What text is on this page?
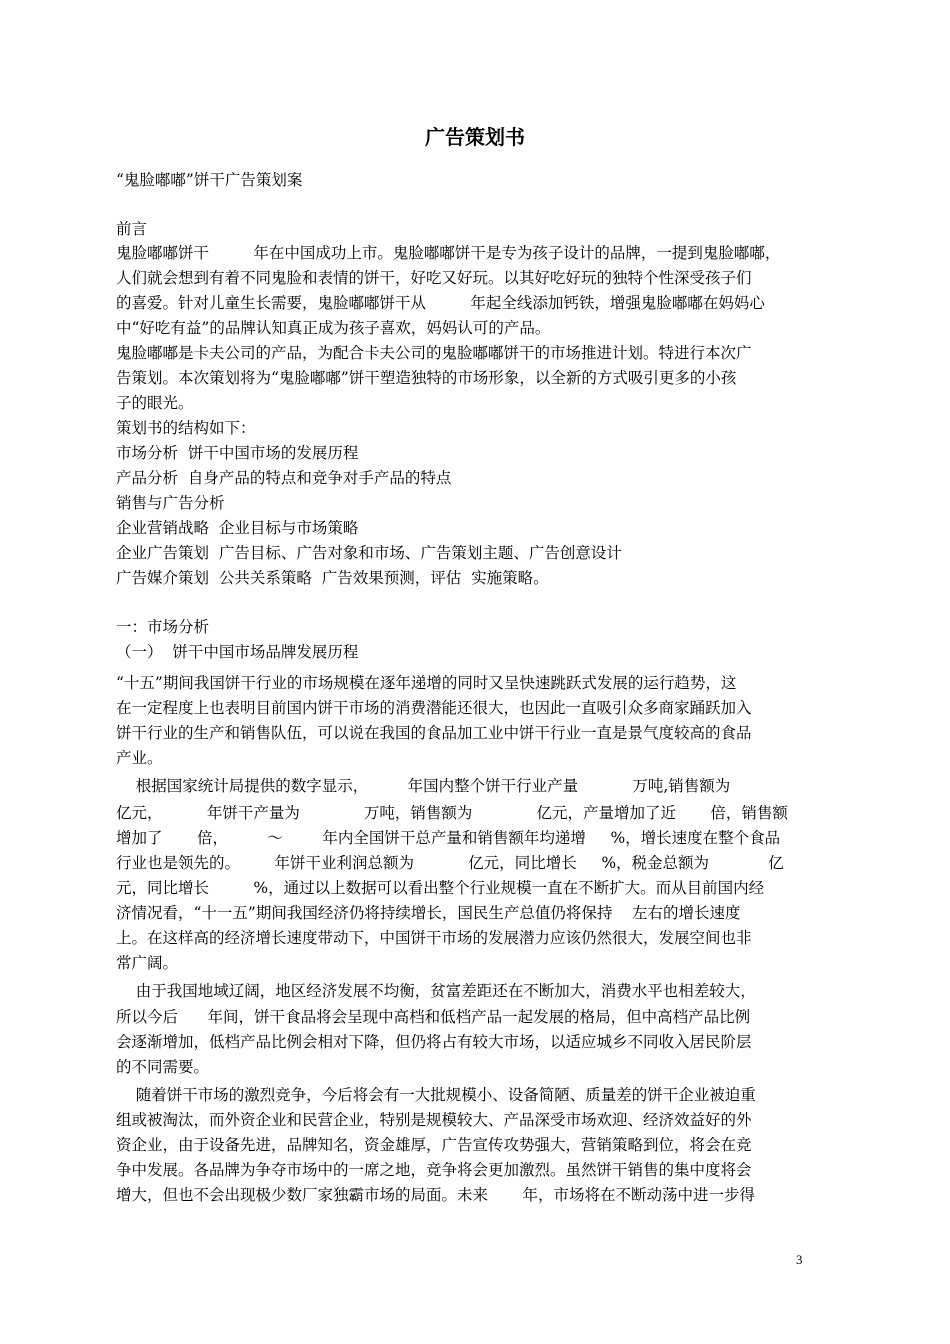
广告策划书

“鬼脸嘟嘟”饼干广告策划案

前言

鬼脸嘟嘟饼干         年在中国成功上市。鬼脸嘟嘟饼干是专为孩子设计的品牌，一提到鬼脸嘟嘟，

人们就会想到有着不同鬼脸和表情的饼干，好吃又好玩。以其好吃好玩的独特个性深受孩子们

的喜爱。针对儿童生长需要，鬼脸嘟嘟饼干从         年起全线添加钙铁，增强鬼脸嘟嘟在妈妈心

中“好吃有益”的品牌认知真正成为孩子喜欢，妈妈认可的产品。

鬼脸嘟嘟是卡夫公司的产品，为配合卡夫公司的鬼脸嘟嘟饼干的市场推进计划。特进行本次广

告策划。本次策划将为“鬼脸嘟嘟”饼干塑造独特的市场形象，以全新的方式吸引更多的小孩

子的眼光。

策划书的结构如下：

市场分析  饼干中国市场的发展历程

产品分析  自身产品的特点和竞争对手产品的特点

销售与广告分析

企业营销战略  企业目标与市场策略

企业广告策划  广告目标、广告对象和市场、广告策划主题、广告创意设计

广告媒介策划  公共关系策略  广告效果预测，评估  实施策略。

一：市场分析

（一）  饼干中国市场品牌发展历程

“十五”期间我国饼干行业的市场规模在逐年递增的同时又呈快速跳跃式发展的运行趋势，这

在一定程度上也表明目前国内饼干市场的消费潜能还很大，也因此一直吸引众多商家踊跃加入

饼干行业的生产和销售队伍，可以说在我国的食品加工业中饼干行业一直是景气度较高的食品

产业。

根据国家统计局提供的数字显示，        年国内整个饼干行业产量           万吨,销售额为

亿元，         年饼干产量为             万吨，销售额为             亿元，产量增加了近       倍，销售额

增加了       倍，        ～        年内全国饼干总产量和销售额年均递增     %，增长速度在整个食品

行业也是领先的。       年饼干业利润总额为           亿元，同比增长     %，税金总额为            亿

元，同比增长         %，通过以上数据可以看出整个行业规模一直在不断扩大。而从目前国内经

济情况看，“十一五”期间我国经济仍将持续增长，国民生产总值仍将保持    左右的增长速度

上。在这样高的经济增长速度带动下，中国饼干市场的发展潜力应该仍然很大，发展空间也非

常广阔。

由于我国地域辽阔，地区经济发展不均衡，贫富差距还在不断加大，消费水平也相差较大，

所以今后      年间，饼干食品将会呈现中高档和低档产品一起发展的格局，但中高档产品比例

会逐渐增加，低档产品比例会相对下降，但仍将占有较大市场，以适应城乡不同收入居民阶层

的不同需要。

随着饼干市场的激烈竞争，今后将会有一大批规模小、设备简陋、质量差的饼干企业被迫重

组或被淘汰，而外资企业和民营企业，特别是规模较大、产品深受市场欢迎、经济效益好的外

资企业，由于设备先进，品牌知名，资金雄厚，广告宣传攻势强大，营销策略到位，将会在竞

争中发展。各品牌为争夺市场中的一席之地，竞争将会更加激烈。虽然饼干销售的集中度将会

增大，但也不会出现极少数厂家独霸市场的局面。未来       年，市场将在不断动荡中进一步得

3
